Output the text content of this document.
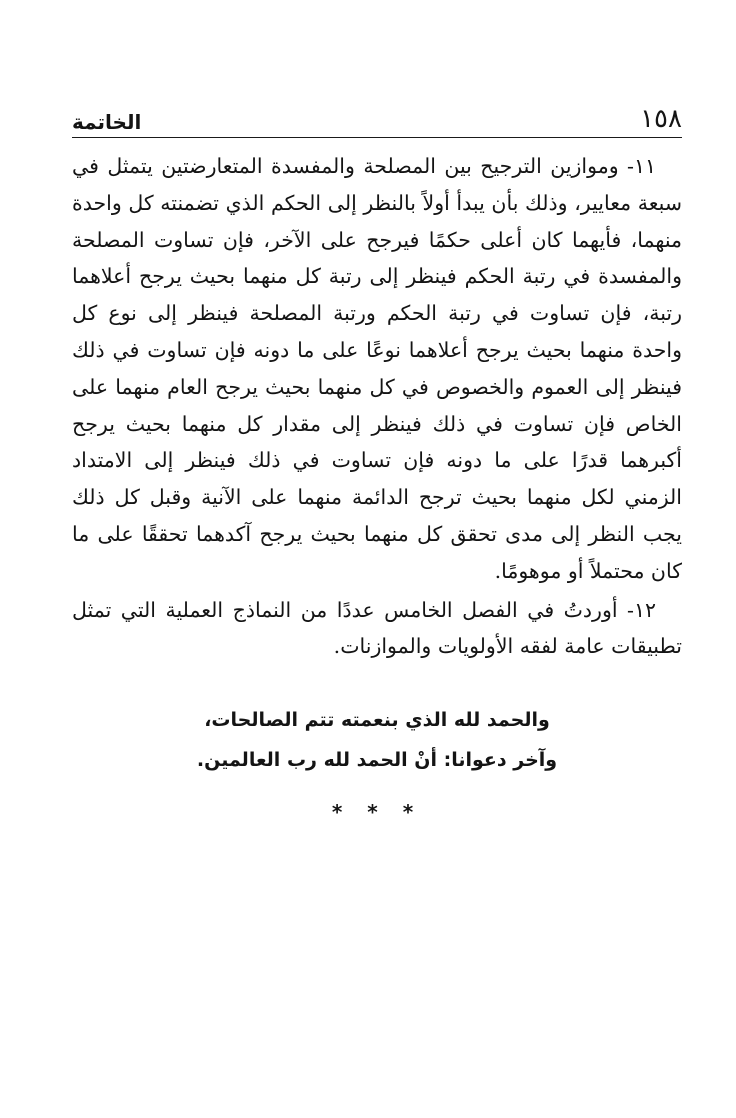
١٥٨
الخاتمة

١١- وموازين الترجيح بين المصلحة والمفسدة المتعارضتين يتمثل في سبعة معايير، وذلك بأن يبدأ أولاً بالنظر إلى الحكم الذي تضمنته كل واحدة منهما، فأيهما كان أعلى حكمًا فيرجح على الآخر، فإن تساوت المصلحة والمفسدة في رتبة الحكم فينظر إلى رتبة كل منهما بحيث يرجح أعلاهما رتبة، فإن تساوت في رتبة الحكم ورتبة المصلحة فينظر إلى نوع كل واحدة منهما بحيث يرجح أعلاهما نوعًا على ما دونه فإن تساوت في ذلك فينظر إلى العموم والخصوص في كل منهما بحيث يرجح العام منهما على الخاص فإن تساوت في ذلك فينظر إلى مقدار كل منهما بحيث يرجح أكبرهما قدرًا على ما دونه فإن تساوت في ذلك فينظر إلى الامتداد الزمني لكل منهما بحيث ترجح الدائمة منهما على الآنية وقبل كل ذلك يجب النظر إلى مدى تحقق كل منهما بحيث يرجح آكدهما تحققًا على ما كان محتملاً أو موهومًا.

١٢- أوردتُ في الفصل الخامس عددًا من النماذج العملية التي تمثل تطبيقات عامة لفقه الأولويات والموازنات.

والحمد لله الذي بنعمته تتم الصالحات،
وآخر دعوانا: أنْ الحمد لله رب العالمين.
* * *
